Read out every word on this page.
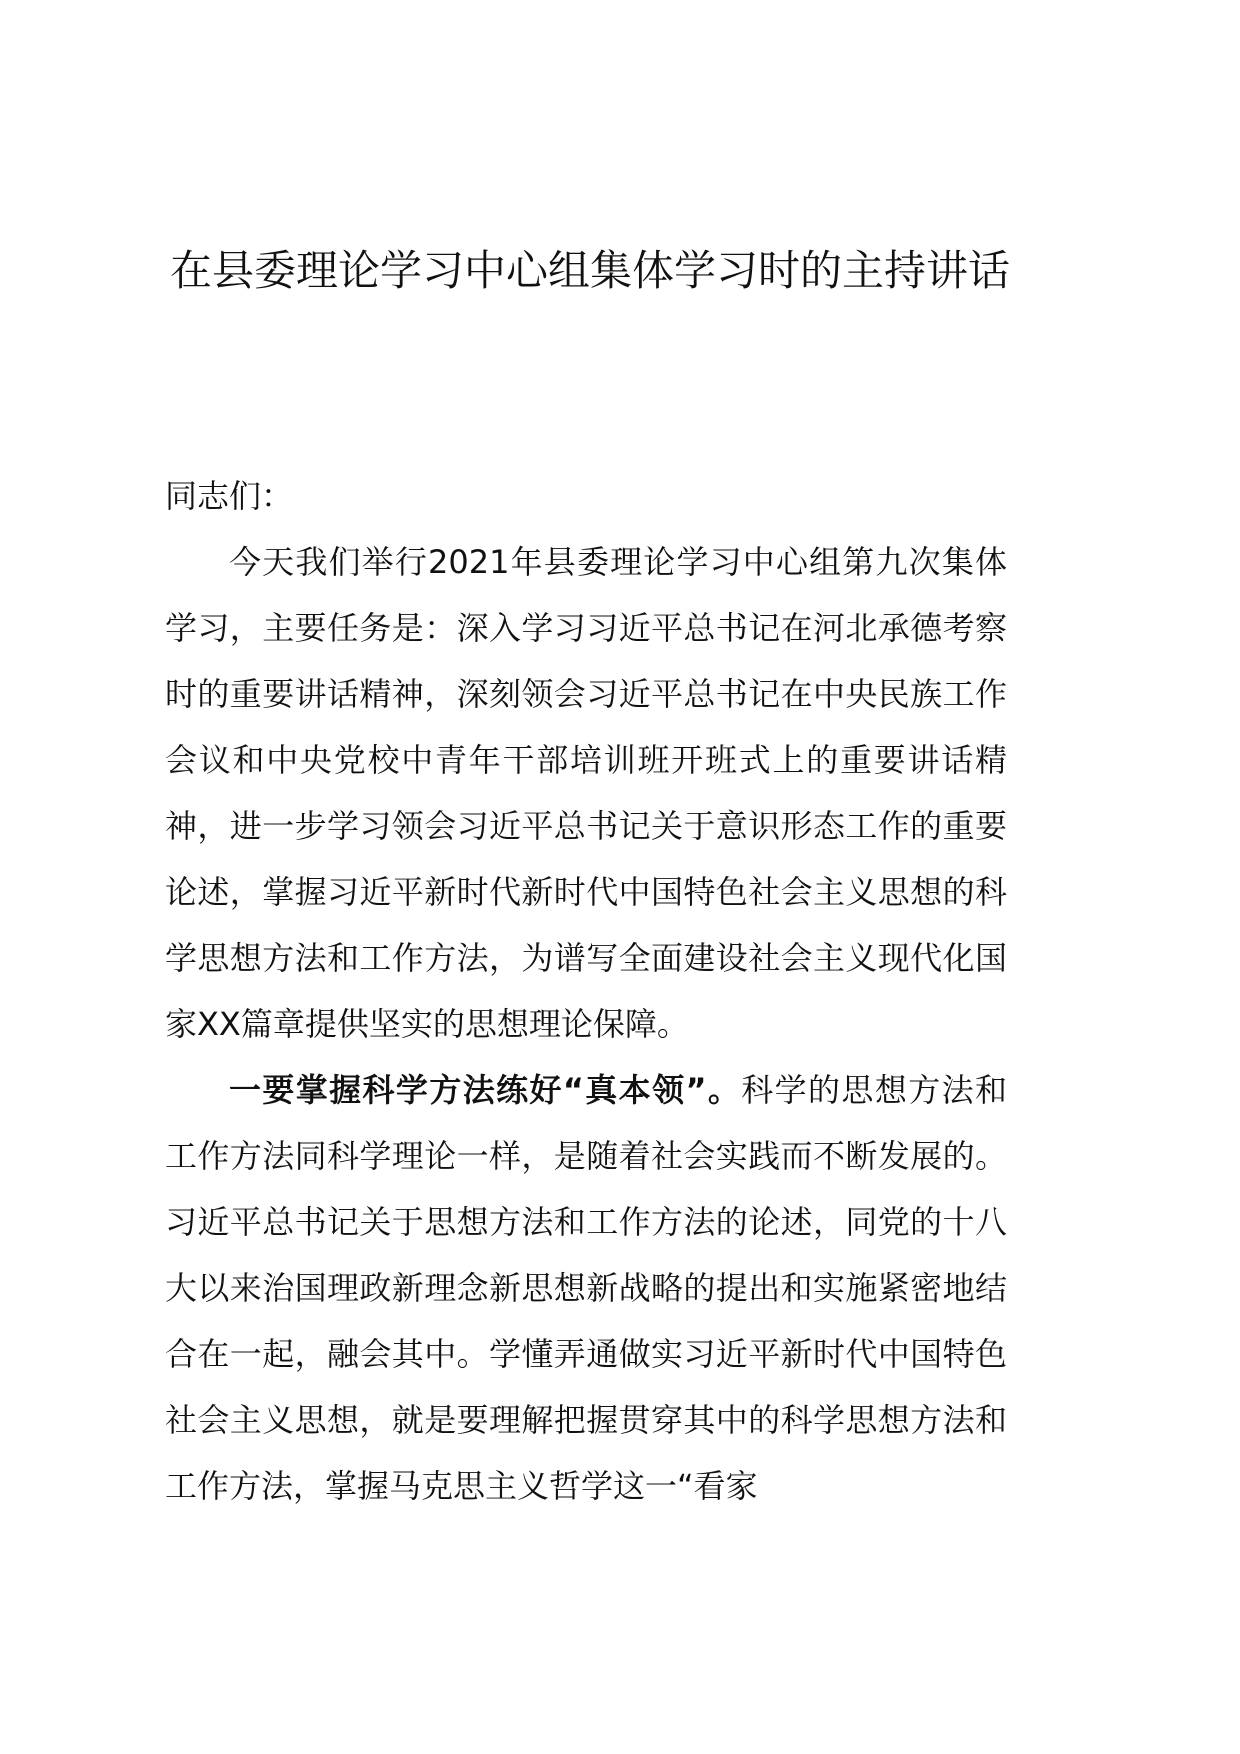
在县委理论学习中心组集体学习时的主持讲话

同志们：

今天我们举行2021年县委理论学习中心组第九次集体学习，主要任务是：深入学习习近平总书记在河北承德考察时的重要讲话精神，深刻领会习近平总书记在中央民族工作会议和中央党校中青年干部培训班开班式上的重要讲话精神，进一步学习领会习近平总书记关于意识形态工作的重要论述，掌握习近平新时代新时代中国特色社会主义思想的科学思想方法和工作方法，为谱写全面建设社会主义现代化国家XX篇章提供坚实的思想理论保障。

一要掌握科学方法练好“真本领”。科学的思想方法和工作方法同科学理论一样，是随着社会实践而不断发展的。习近平总书记关于思想方法和工作方法的论述，同党的十八大以来治国理政新理念新思想新战略的提出和实施紧密地结合在一起，融会其中。学懂弄通做实习近平新时代中国特色社会主义思想，就是要理解把握贯穿其中的科学思想方法和工作方法，掌握马克思主义哲学这一“看家
